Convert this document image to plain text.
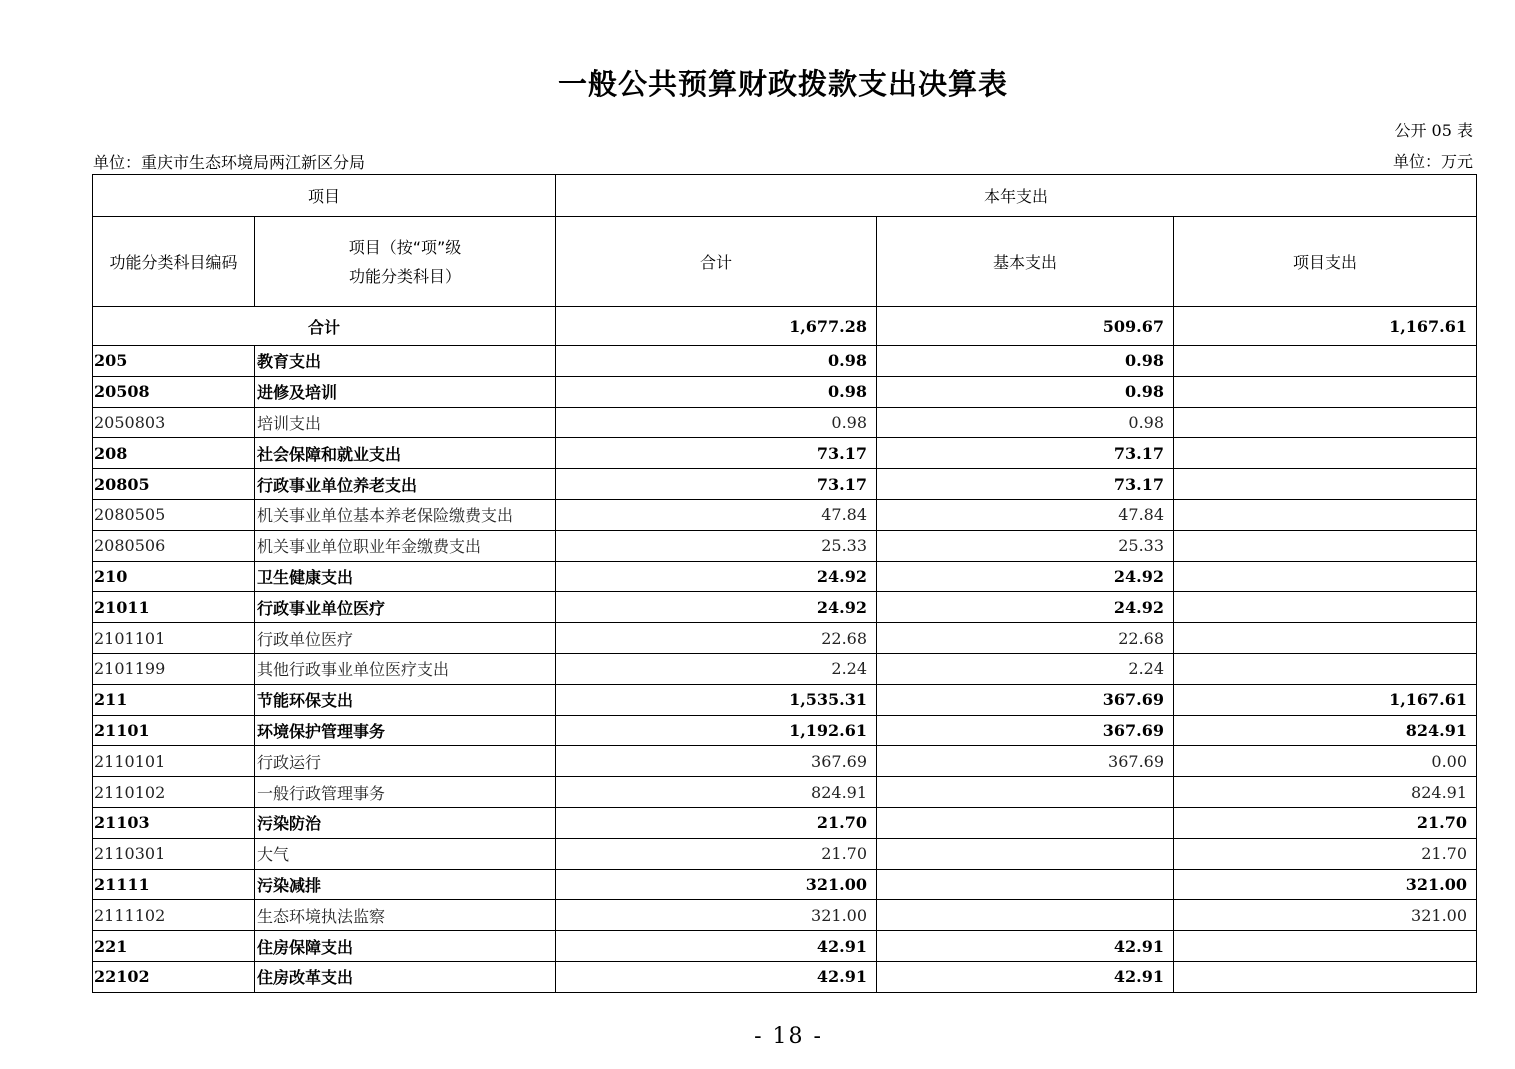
一般公共预算财政拨款支出决算表
公开 05 表
单位：重庆市生态环境局两江新区分局	单位：万元
项目		本年支出		
功能分类科目编码	项目（按“项”级
功能分类科目）	合计	基本支出	项目支出
合计		1,677.28	509.67	1,167.61
205	教育支出	0.98	0.98	
20508	进修及培训	0.98	0.98	
2050803	培训支出	0.98	0.98	
208	社会保障和就业支出	73.17	73.17	
20805	行政事业单位养老支出	73.17	73.17	
2080505	机关事业单位基本养老保险缴费支出	47.84	47.84	
2080506	机关事业单位职业年金缴费支出	25.33	25.33	
210	卫生健康支出	24.92	24.92	
21011	行政事业单位医疗	24.92	24.92	
2101101	行政单位医疗	22.68	22.68	
2101199	其他行政事业单位医疗支出	2.24	2.24	
211	节能环保支出	1,535.31	367.69	1,167.61
21101	环境保护管理事务	1,192.61	367.69	824.91
2110101	行政运行	367.69	367.69	0.00
2110102	一般行政管理事务	824.91		824.91
21103	污染防治	21.70		21.70
2110301	大气	21.70		21.70
21111	污染减排	321.00		321.00
2111102	生态环境执法监察	321.00		321.00
221	住房保障支出	42.91	42.91	
22102	住房改革支出	42.91	42.91	
- 18 -
